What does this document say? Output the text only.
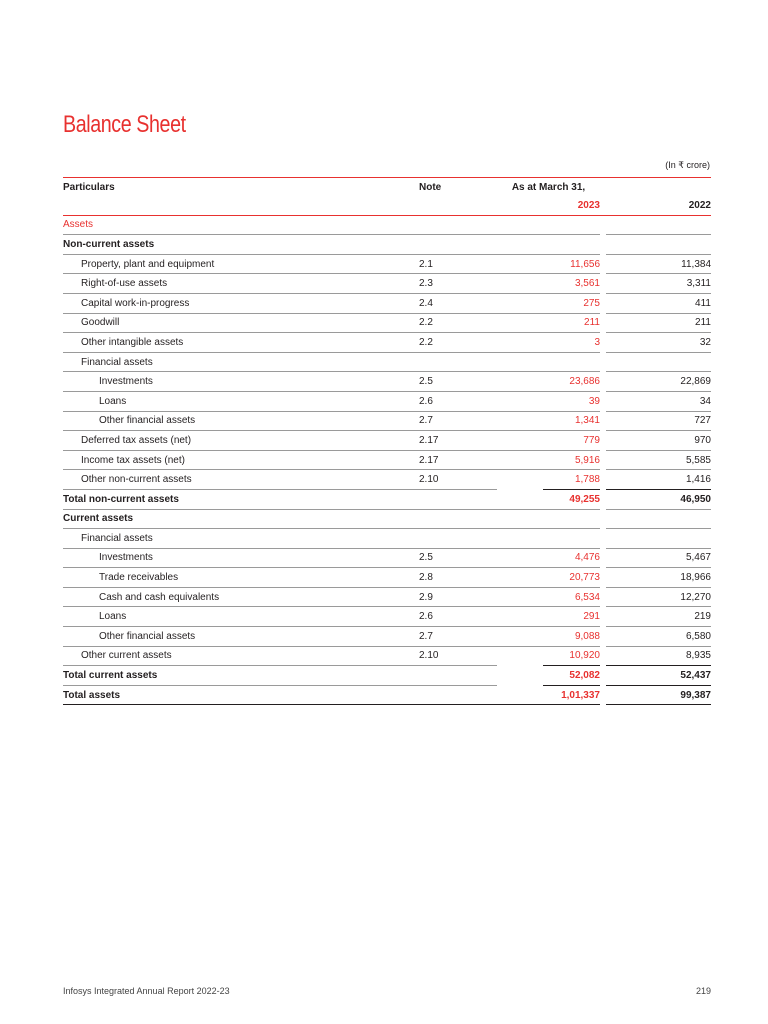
Balance Sheet
(In ₹ crore)
Particulars	Note	As at March 31,			
			2023		2022
Assets					
Non-current assets					
Property, plant and equipment	2.1		11,656		11,384
Right-of-use assets	2.3		3,561		3,311
Capital work-in-progress	2.4		275		411
Goodwill	2.2		211		211
Other intangible assets	2.2		3		32
Financial assets					
Investments	2.5		23,686		22,869
Loans	2.6		39		34
Other financial assets	2.7		1,341		727
Deferred tax assets (net)	2.17		779		970
Income tax assets (net)	2.17		5,916		5,585
Other non-current assets	2.10		1,788		1,416
Total non-current assets			49,255		46,950
Current assets					
Financial assets					
Investments	2.5		4,476		5,467
Trade receivables	2.8		20,773		18,966
Cash and cash equivalents	2.9		6,534		12,270
Loans	2.6		291		219
Other financial assets	2.7		9,088		6,580
Other current assets	2.10		10,920		8,935
Total current assets			52,082		52,437
Total assets			1,01,337		99,387
Infosys Integrated Annual Report 2022-23	219
